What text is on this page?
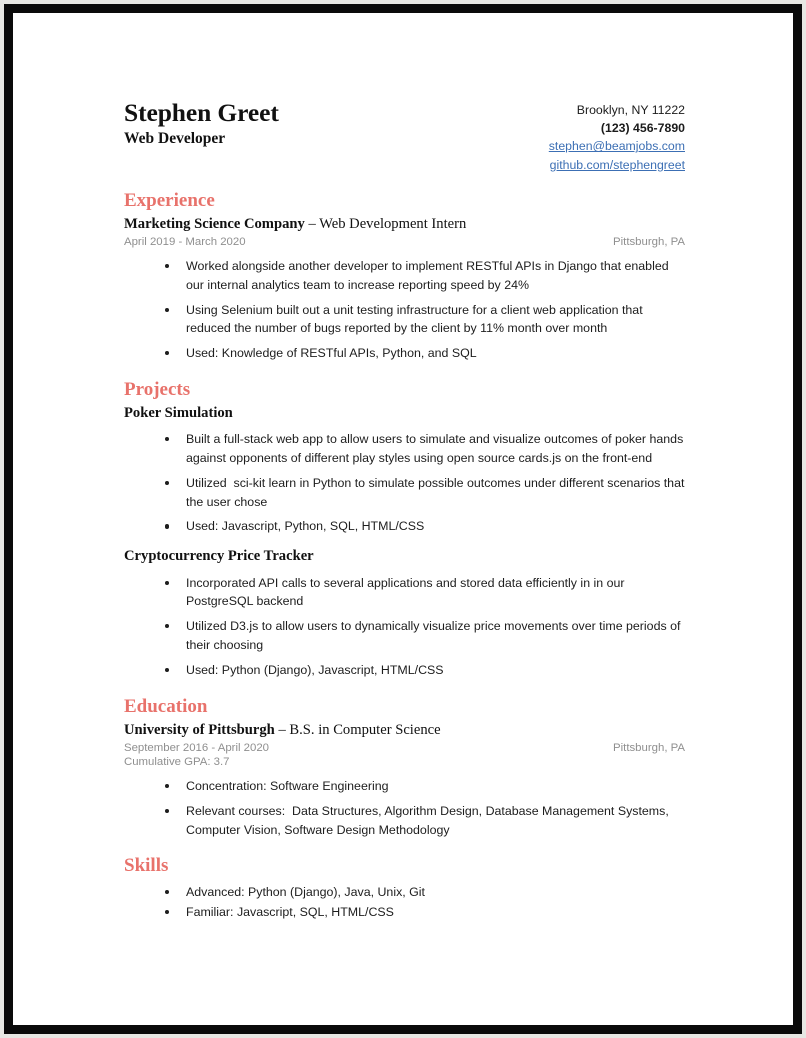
Stephen Greet
Web Developer
Brooklyn, NY 11222
(123) 456-7890
stephen@beamjobs.com
github.com/stephengreet
Experience
Marketing Science Company – Web Development Intern
April 2019 - March 2020	Pittsburgh, PA
Worked alongside another developer to implement RESTful APIs in Django that enabled our internal analytics team to increase reporting speed by 24%
Using Selenium built out a unit testing infrastructure for a client web application that reduced the number of bugs reported by the client by 11% month over month
Used: Knowledge of RESTful APIs, Python, and SQL
Projects
Poker Simulation
Built a full-stack web app to allow users to simulate and visualize outcomes of poker hands against opponents of different play styles using open source cards.js on the front-end
Utilized  sci-kit learn in Python to simulate possible outcomes under different scenarios that the user chose
Used: Javascript, Python, SQL, HTML/CSS
Cryptocurrency Price Tracker
Incorporated API calls to several applications and stored data efficiently in in our PostgreSQL backend
Utilized D3.js to allow users to dynamically visualize price movements over time periods of their choosing
Used: Python (Django), Javascript, HTML/CSS
Education
University of Pittsburgh – B.S. in Computer Science
September 2016 - April 2020	Pittsburgh, PA
Cumulative GPA: 3.7
Concentration: Software Engineering
Relevant courses:  Data Structures, Algorithm Design, Database Management Systems, Computer Vision, Software Design Methodology
Skills
Advanced: Python (Django), Java, Unix, Git
Familiar: Javascript, SQL, HTML/CSS
